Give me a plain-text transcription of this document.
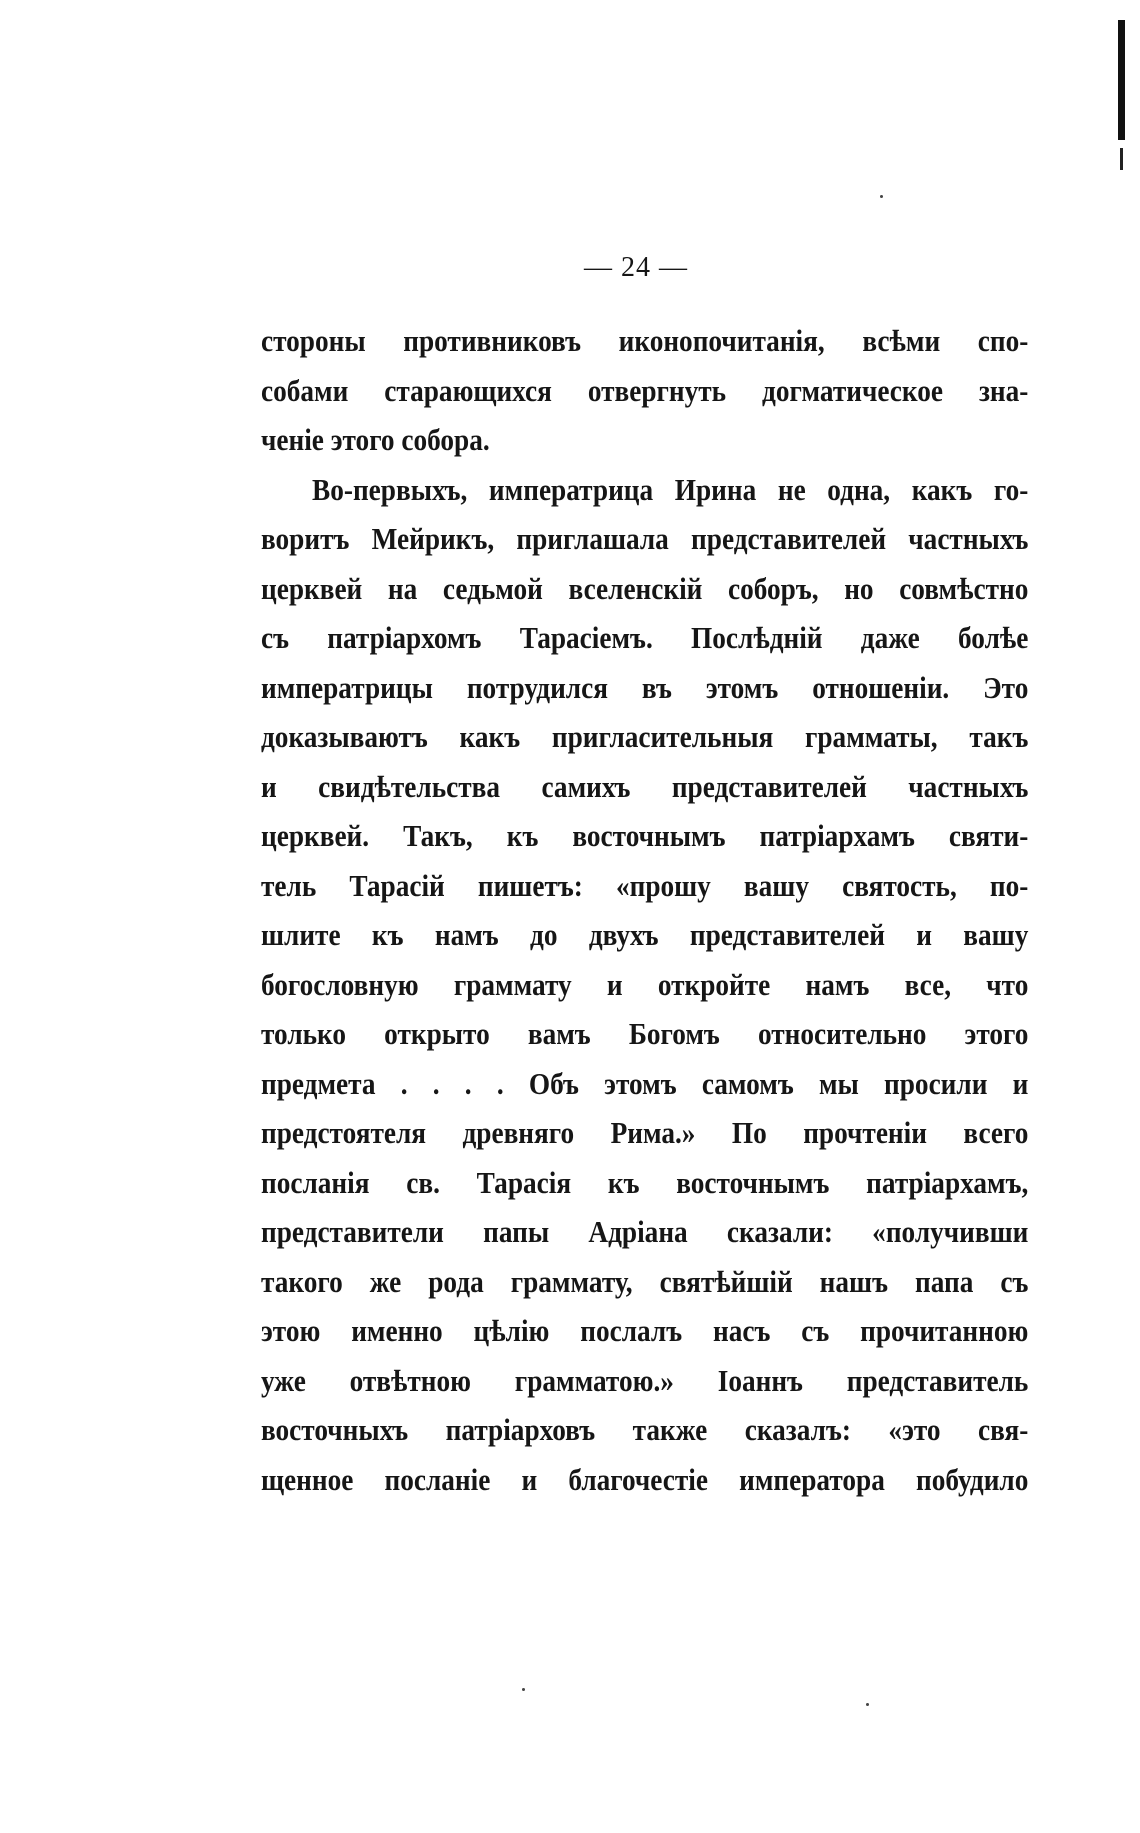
— 24 —
стороны противниковъ иконопочитанія, всѣми спо-
собами старающихся отвергнуть догматическое зна-
ченіе этого собора.
Во-первыхъ, императрица Ирина не одна, какъ го-
воритъ Мейрикъ, приглашала представителей частныхъ
церквей на седьмой вселенскій соборъ, но совмѣстно
съ патріархомъ Тарасіемъ. Послѣдній даже болѣе
императрицы потрудился въ этомъ отношеніи. Это
доказываютъ какъ пригласительныя грамматы, такъ
и свидѣтельства самихъ представителей частныхъ
церквей. Такъ, къ восточнымъ патріархамъ святи-
тель Тарасій пишетъ: «прошу вашу святость, по-
шлите къ намъ до двухъ представителей и вашу
богословную граммату и откройте намъ все, что
только открыто вамъ Богомъ относительно этого
предмета . . . . Объ этомъ самомъ мы просили и
предстоятеля древняго Рима.» По прочтеніи всего
посланія св. Тарасія къ восточнымъ патріархамъ,
представители папы Адріана сказали: «получивши
такого же рода граммату, святѣйшій нашъ папа съ
этою именно цѣлію послалъ насъ съ прочитанною
уже отвѣтною грамматою.» Іоаннъ представитель
восточныхъ патріарховъ также сказалъ: «это свя-
щенное посланіе и благочестіе императора побудило
